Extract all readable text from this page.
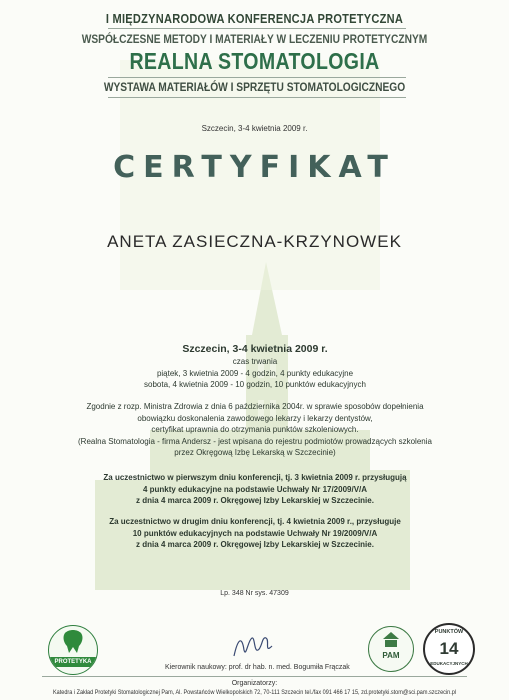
I MIĘDZYNARODOWA KONFERENCJA PROTETYCZNA
WSPÓŁCZESNE METODY I MATERIAŁY W LECZENIU PROTETYCZNYM
REALNA STOMATOLOGIA
WYSTAWA MATERIAŁÓW I SPRZĘTU STOMATOLOGICZNEGO
Szczecin, 3-4 kwietnia 2009 r.
CERTYFIKAT
ANETA ZASIECZNA-KRZYNOWEK
Szczecin, 3-4 kwietnia 2009 r.
czas trwania
piątek, 3 kwietnia 2009 - 4 godzin, 4 punkty edukacyjne
sobota, 4 kwietnia 2009 - 10 godzin, 10 punktów edukacyjnych
Zgodnie z rozp. Ministra Zdrowia z dnia 6 października 2004r. w sprawie sposobów dopełnienia
obowiązku doskonalenia zawodowego lekarzy i lekarzy dentystów,
certyfikat uprawnia do otrzymania punktów szkoleniowych.
(Realna Stomatologia - firma Andersz - jest wpisana do rejestru podmiotów prowadzących szkolenia
przez Okręgową Izbę Lekarską w Szczecinie)
Za uczestnictwo w pierwszym dniu konferencji, tj. 3 kwietnia 2009 r. przysługują
4 punkty edukacyjne na podstawie Uchwały Nr 17/2009/V/A
z dnia 4 marca 2009 r. Okręgowej Izby Lekarskiej w Szczecinie.
Za uczestnictwo w drugim dniu konferencji, tj. 4 kwietnia 2009 r., przysługuje
10 punktów edukacyjnych na podstawie Uchwały Nr 19/2009/V/A
z dnia 4 marca 2009 r. Okręgowej Izby Lekarskiej w Szczecinie.
Lp. 348 Nr sys. 47309
PROTETYKA
Kierownik naukowy: prof. dr hab. n. med. Bogumiła Frączak
PAM
PUNKTÓW
14
EDUKACYJNYCH
Organizatorzy:
Katedra i Zakład Protetyki Stomatologicznej Pam, Al. Powstańców Wielkopolskich 72, 70-111 Szczecin tel./fax 091 466 17 15, zd.protetyki.stom@sci.pam.szczecin.pl
